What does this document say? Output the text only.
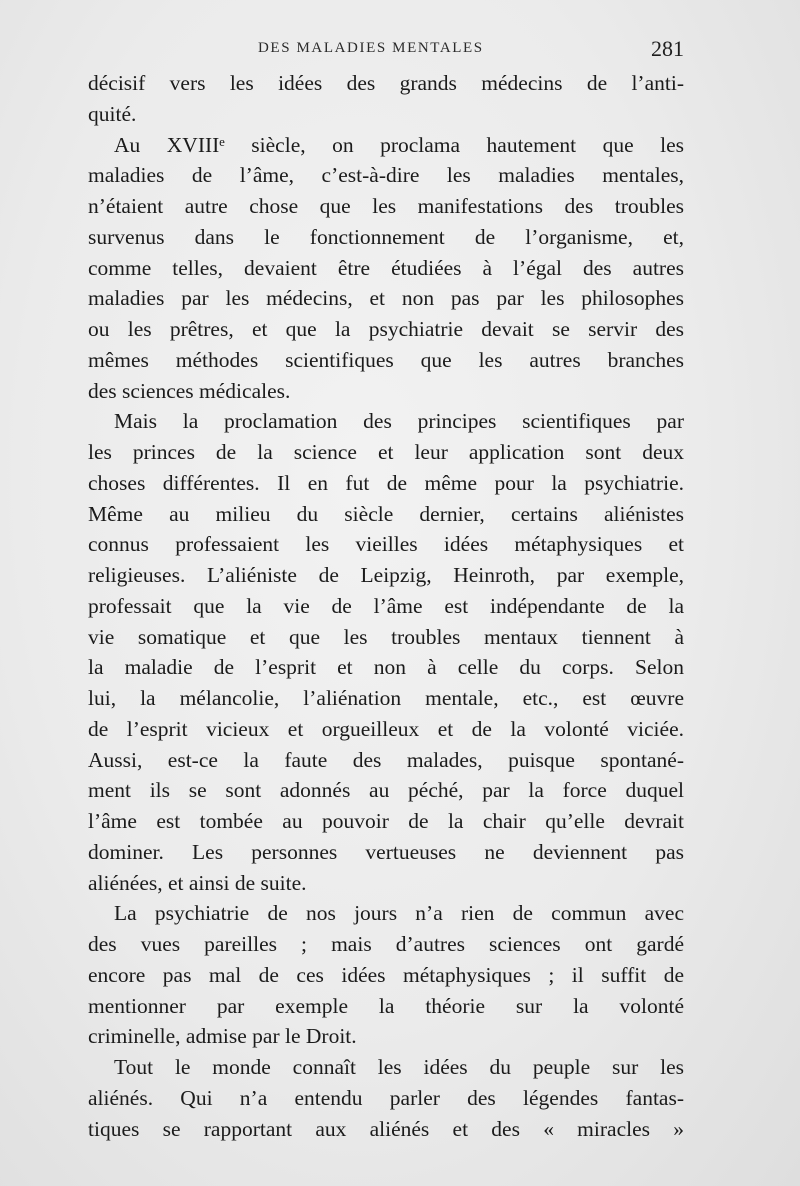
DES MALADIES MENTALES	281
décisif vers les idées des grands médecins de l’anti-
quité.
Au XVIIIᵉ siècle, on proclama hautement que les
maladies de l’âme, c’est-à-dire les maladies mentales,
n’étaient autre chose que les manifestations des troubles
survenus dans le fonctionnement de l’organisme, et,
comme telles, devaient être étudiées à l’égal des autres
maladies par les médecins, et non pas par les philosophes
ou les prêtres, et que la psychiatrie devait se servir des
mêmes méthodes scientifiques que les autres branches
des sciences médicales.
Mais la proclamation des principes scientifiques par
les princes de la science et leur application sont deux
choses différentes. Il en fut de même pour la psychiatrie.
Même au milieu du siècle dernier, certains aliénistes
connus professaient les vieilles idées métaphysiques et
religieuses. L’aliéniste de Leipzig, Heinroth, par exemple,
professait que la vie de l’âme est indépendante de la
vie somatique et que les troubles mentaux tiennent à
la maladie de l’esprit et non à celle du corps. Selon
lui, la mélancolie, l’aliénation mentale, etc., est œuvre
de l’esprit vicieux et orgueilleux et de la volonté viciée.
Aussi, est-ce la faute des malades, puisque spontané-
ment ils se sont adonnés au péché, par la force duquel
l’âme est tombée au pouvoir de la chair qu’elle devrait
dominer. Les personnes vertueuses ne deviennent pas
aliénées, et ainsi de suite.
La psychiatrie de nos jours n’a rien de commun avec
des vues pareilles ; mais d’autres sciences ont gardé
encore pas mal de ces idées métaphysiques ; il suffit de
mentionner par exemple la théorie sur la volonté
criminelle, admise par le Droit.
Tout le monde connaît les idées du peuple sur les
aliénés. Qui n’a entendu parler des légendes fantas-
tiques se rapportant aux aliénés et des « miracles »
